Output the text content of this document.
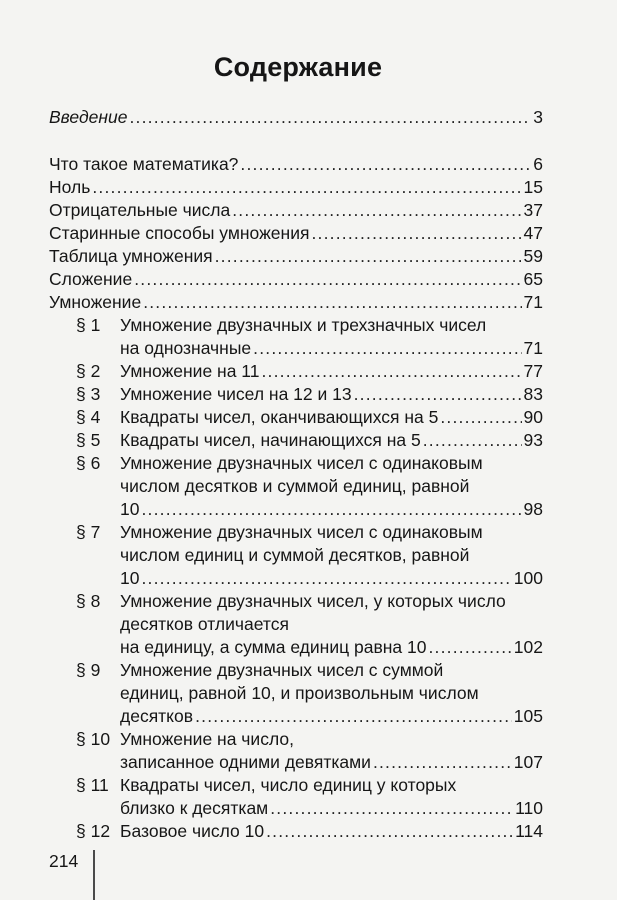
Содержание
Введение .....	3
Что такое математика? .....	6
Ноль .....	15
Отрицательные числа .....	37
Старинные способы умножения .....	47
Таблица умножения .....	59
Сложение .....	65
Умножение .....	71
§ 1 Умножение двузначных и трехзначных чисел
на однозначные .....	71
§ 2 Умножение на 11 .....	77
§ 3 Умножение чисел на 12 и 13 .....	83
§ 4 Квадраты чисел, оканчивающихся на 5 .....	90
§ 5 Квадраты чисел, начинающихся на 5 .....	93
§ 6 Умножение двузначных чисел с одинаковым
числом десятков и суммой единиц, равной
10 .....	98
§ 7 Умножение двузначных чисел с одинаковым
числом единиц и суммой десятков, равной
10 .....	100
§ 8 Умножение двузначных чисел, у которых число
десятков отличается
на единицу, а сумма единиц равна 10 .....	102
§ 9 Умножение двузначных чисел с суммой
единиц, равной 10, и произвольным числом
десятков .....	105
§ 10 Умножение на число,
записанное одними девятками .....	107
§ 11 Квадраты чисел, число единиц у которых
близко к десяткам .....	110
§ 12 Базовое число 10 .....	114
214
